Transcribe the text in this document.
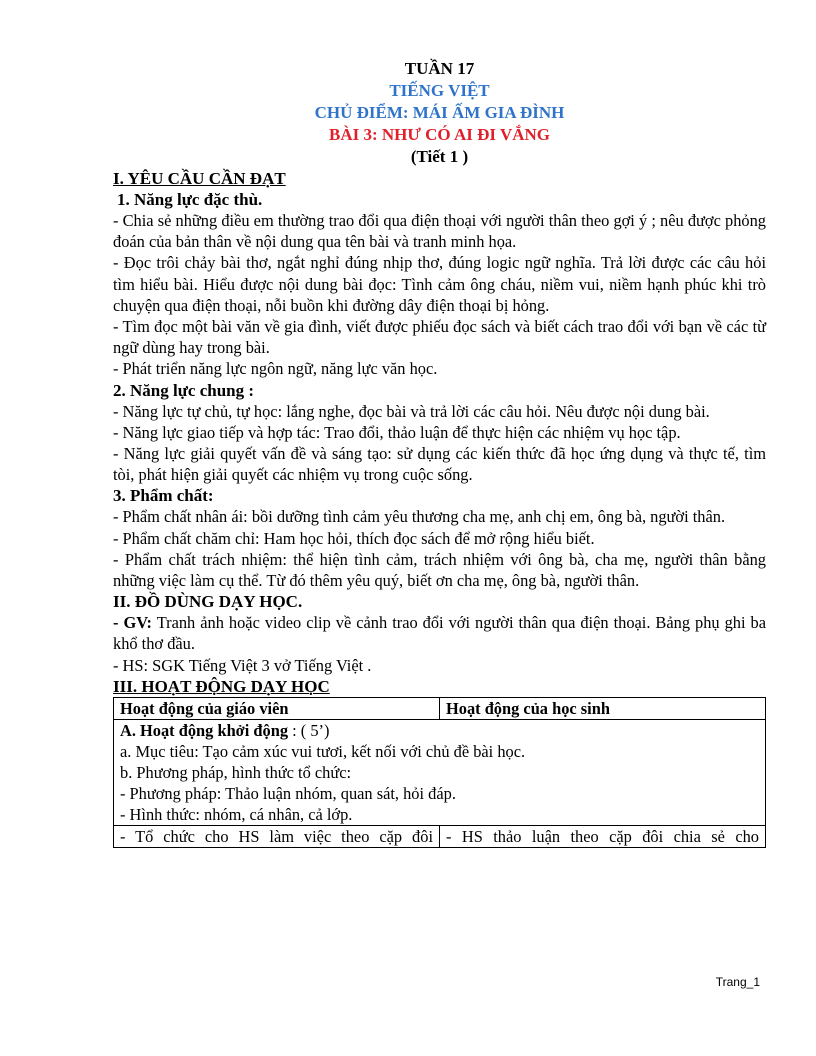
TUẦN 17
TIẾNG VIỆT
CHỦ ĐIỂM: MÁI ẤM GIA ĐÌNH
BÀI 3: NHƯ CÓ AI ĐI VẮNG
(Tiết 1 )
I. YÊU CẦU CẦN ĐẠT
1. Năng lực đặc thù.

- Chia sẻ những điều em thường trao đổi qua điện thoại với người thân theo gợi ý ; nêu được phỏng đoán của bản thân về nội dung qua tên bài và tranh minh họa.

- Đọc trôi chảy bài thơ, ngắt nghỉ đúng nhịp thơ, đúng logic ngữ nghĩa. Trả lời được các câu hỏi tìm hiểu bài. Hiểu được nội dung bài đọc: Tình cảm ông cháu, niềm vui, niềm hạnh phúc khi trò chuyện qua điện thoại, nỗi buồn khi đường dây điện thoại bị hỏng.

- Tìm đọc một bài văn về gia đình, viết được phiếu đọc sách và biết cách trao đổi với bạn về các từ ngữ dùng hay trong bài.

- Phát triển năng lực ngôn ngữ, năng lực văn học.

2. Năng lực chung :

- Năng lực tự chủ, tự học: lắng nghe, đọc bài và trả lời các câu hỏi. Nêu được nội dung bài.

- Năng lực giao tiếp và hợp tác: Trao đổi, thảo luận để thực hiện các nhiệm vụ học tập.

- Năng lực giải quyết vấn đề và sáng tạo: sử dụng các kiến thức đã học ứng dụng và thực tế, tìm tòi, phát hiện giải quyết các nhiệm vụ trong cuộc sống.

3. Phẩm chất:

- Phẩm chất nhân ái: bồi dưỡng tình cảm yêu thương cha mẹ, anh chị em, ông bà, người thân.

- Phẩm chất chăm chỉ: Ham học hỏi, thích đọc sách để mở rộng hiểu biết.

- Phẩm chất trách nhiệm: thể hiện tình cảm, trách nhiệm với ông bà, cha mẹ, người thân bằng những việc làm cụ thể. Từ đó thêm yêu quý, biết ơn cha mẹ, ông bà, người thân.

II. ĐỒ DÙNG DẠY HỌC.

- GV: Tranh ảnh hoặc video clip về cảnh trao đổi với người thân qua điện thoại. Bảng phụ ghi ba khổ thơ đầu.

- HS: SGK Tiếng Việt 3 vở Tiếng Việt .

III. HOẠT ĐỘNG DẠY HỌC
Hoạt động của giáo viên	Hoạt động của học sinh

A. Hoạt động khởi động : ( 5’)
a. Mục tiêu: Tạo cảm xúc vui tươi, kết nối với chủ đề bài học.
b. Phương pháp, hình thức tổ chức:
- Phương pháp: Thảo luận nhóm, quan sát, hỏi đáp.
- Hình thức: nhóm, cá nhân, cả lớp.	

- Tổ chức cho HS làm việc theo cặp đôi	- HS thảo luận theo cặp đôi chia sẻ cho
Trang_1
